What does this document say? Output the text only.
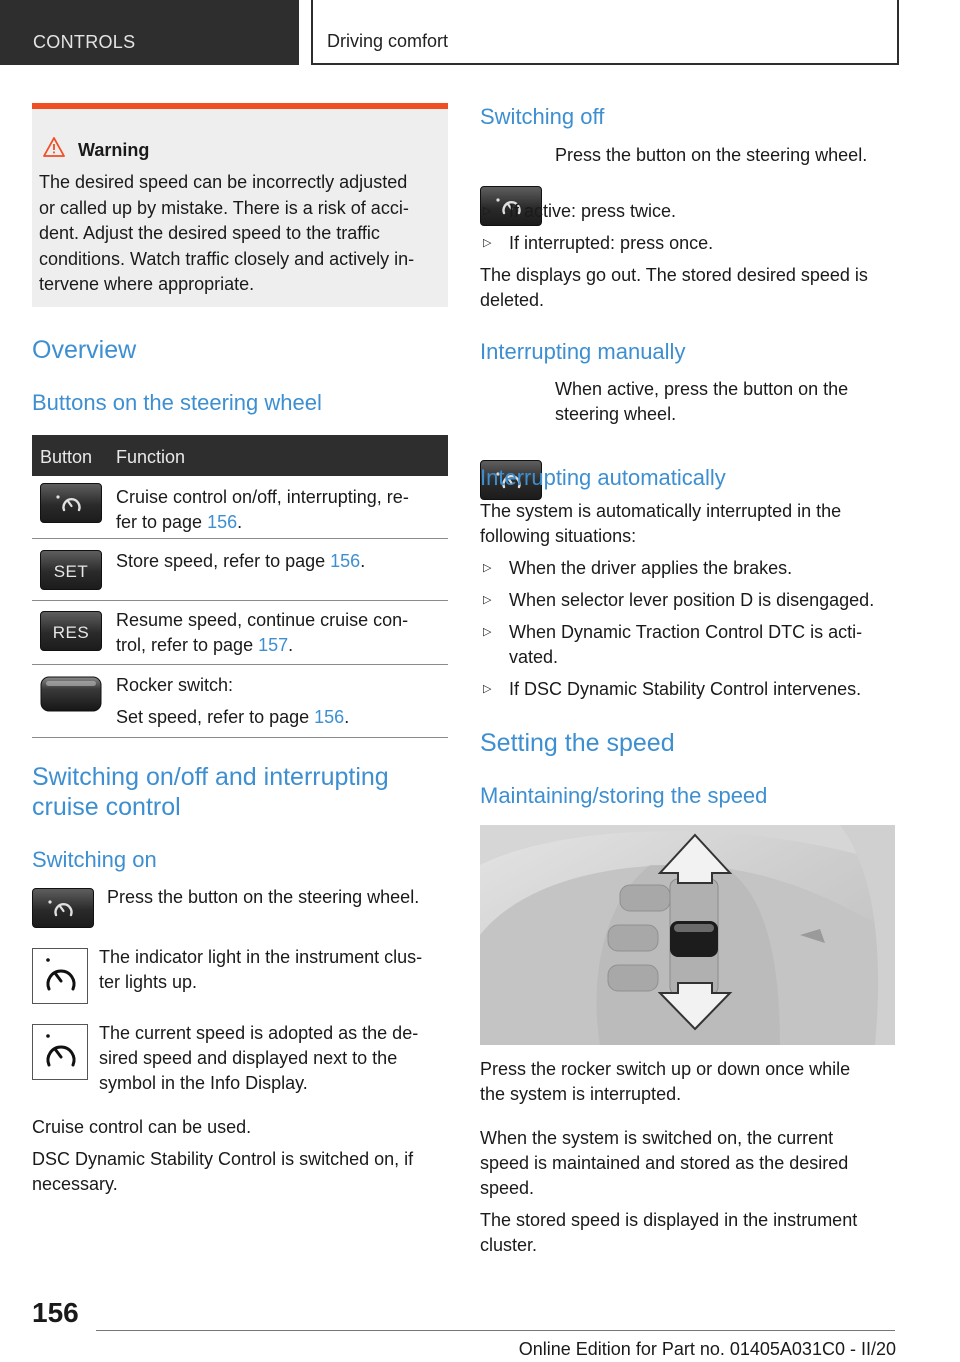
CONTROLS	Driving comfort
Warning
The desired speed can be incorrectly adjusted
or called up by mistake. There is a risk of acci-
dent. Adjust the desired speed to the traffic
conditions. Watch traffic closely and actively in-
tervene where appropriate.
Overview
Buttons on the steering wheel
Button Function
Cruise control on/off, interrupting, re-
fer to page 156.
SET
Store speed, refer to page 156.
RES
Resume speed, continue cruise con-
trol, refer to page 157.
Rocker switch:
Set speed, refer to page 156.
Switching on/off and interrupting
cruise control
Switching on
Press the button on the steering wheel.
The indicator light in the instrument clus-
ter lights up.
The current speed is adopted as the de-
sired speed and displayed next to the
symbol in the Info Display.
Cruise control can be used.
DSC Dynamic Stability Control is switched on, if
necessary.
Switching off
Press the button on the steering wheel.
▷ If active: press twice.
▷ If interrupted: press once.
The displays go out. The stored desired speed is
deleted.
Interrupting manually
When active, press the button on the
steering wheel.
Interrupting automatically
The system is automatically interrupted in the
following situations:
▷ When the driver applies the brakes.
▷ When selector lever position D is disengaged.
▷ When Dynamic Traction Control DTC is acti-
vated.
▷ If DSC Dynamic Stability Control intervenes.
Setting the speed
Maintaining/storing the speed
Press the rocker switch up or down once while
the system is interrupted.
When the system is switched on, the current
speed is maintained and stored as the desired
speed.
The stored speed is displayed in the instrument
cluster.
156
Online Edition for Part no. 01405A031C0 - II/20
